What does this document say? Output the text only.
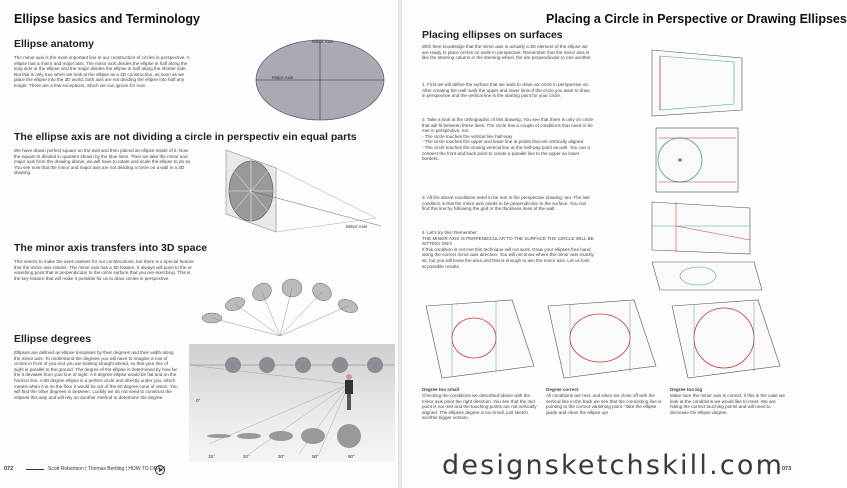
Ellipse basics and Terminology
Ellipse anatomy
The minor axis is the most important line in our construction of circles in perspective. A ellipse has a minor and major axis. The minor axis divides the ellipse in half along the long side or the ellipse and the major divides the ellipse in half along the shorter side. But this is only true when we look at the ellipse as a 2D construction, as soon as we place the ellipse into the 3D world, both axis are not dividing the ellipse into half any longer. There are a few exceptions, which we can ignore for now.
Minor Axis
Major Axis
The ellipse axis are not dividing a circle in perspectiv ein equal parts
We have drawn perfect square on the wall and then placed an ellipse inside of it. Now the square is divided in quarters shown by the blue lines. Then we take the minor and major axis from the drawing above, we will have to rotate and scale the ellipse to do so. You see now that the minor and major axis are not dividing a circle on a wall in a 3D drawing.
Minor Axis
The minor axis transfers into 3D space
This seems to make the axes useless for our constructions, but there is a special feature that the minor axis retains. The minor axis has a 3D feature. It always will point to the or vanishing point that is perpendicular to the circle surface that you are sketching. This is the key feature that will make it possible for us to draw circles in perspective.
Ellipse degrees
Ellipses are defined as ellipse templates by their degrees and their width along the minor axis. To understand the degrees you will have to imagine a row of circles in front of you and you are looking straight ahead, so that your line of sight is parallel to the ground. The degree of the ellipse is determined by how far the it deviates from your line of sight. A 0 degree ellipse would be flat and on the horizon line. A 90 degree ellipse is a perfect circle and directly under you, which means when it is on the floor it would be out of the 60 degree cone of vision. You will find the other degrees in between. Luckily we do not need to construct the ellipses this way and will rely on another method to determine the degree.
0°
15°	20°	30°	50°	90°
072	Scott Robertson | Thomas Bertling | HOW TO DRAW
Placing a Circle in Perspective or Drawing Ellipses
Placing ellipses on surfaces
With then knowledge that the minor axis is actually a 3D element of the ellipse we are ready to place circles on walls in perspective. Remember that the minor axis is like the steering column in the steering wheel, the are perpendicular to one another.
1. First we will define the surface that we want to draw our circle in perspective on. After creating the wall mark the upper and lower limit of the circle you want to draw in perspective and the vertical line is the starting point for your circle.
2. Take a look at the orthographic of this drawing. You see that there is only on circle that will fit between these lines. The circle has a couple of conditions that need to be met in perspective, too.
- The circle touches the vertical line half-way
- The circle touches the upper and lower line at points that are vertically aligned
- The circle touches the closing vertical line at the half-way point as well. You can a connect the front and back point to create a parallel line to the upper an lower borders.
3. All the above conditions need to be met in the perspective drawing, too. The last condition is that the minor axis needs to be perpendicular to the surface. You can find this line by following the grid or the thickness lines of the wall.
4. Let's try this! Remember:
THE MINOR AXIS IS PERPENDICULAR TO THE SURFACE THE CIRCLE WILL BE SITTING ON!!!
If this condition is not met this technique will not work. Draw your ellipses free hand along the correct minor axis direction. You will not know where the minor axis exactly sit, but you will know the area and that is enough to aim the minor axis. Let us look at possible results
Degree too small
Checking the conditions we described above with the minor axis point the right direction. You see that the mid point is not met and the touching points are not vertically aligned. The ellipses degree is too small, just sketch another bigger version.
Degree correct
All conditions are met, and when we close off with the vertical line in the back we see that the connecting line is pointing to the correct vanishing point. Take the ellipse guide and clean the ellipse up!
Degree too big
Make sure the minor axis is correct, if this is the case we look at the conditions we would like to meet. We are hitting the correct touching points and will need to decrease the ellipse degree.
073
designsketchskill.com
